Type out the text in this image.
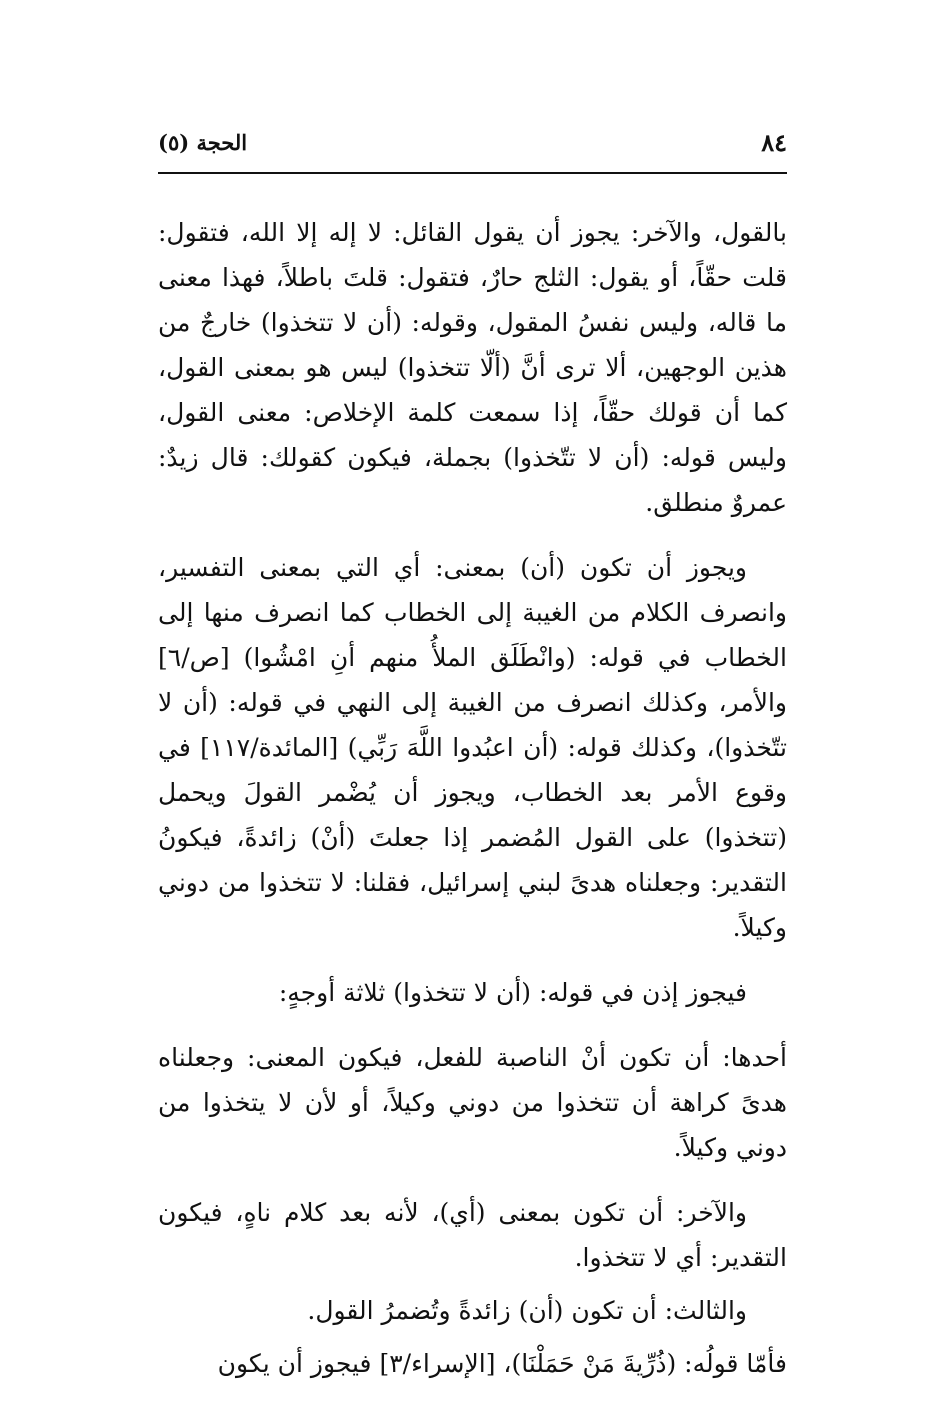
٨٤
الحجة (٥)

بالقول، والآخر: يجوز أن يقول القائل: لا إله إلا الله، فتقول: قلت حقّاً، أو يقول: الثلج حارٌ، فتقول: قلتَ باطلاً، فهذا معنى ما قاله، وليس نفسُ المقول، وقوله: (أن لا تتخذوا) خارجٌ من هذين الوجهين، ألا ترى أنَّ (ألّا تتخذوا) ليس هو بمعنى القول، كما أن قولك حقّاً، إذا سمعت كلمة الإخلاص: معنى القول، وليس قوله: (أن لا تتّخذوا) بجملة، فيكون كقولك: قال زيدٌ: عمروٌ منطلق.

ويجوز أن تكون (أن) بمعنى: أي التي بمعنى التفسير، وانصرف الكلام من الغيبة إلى الخطاب كما انصرف منها إلى الخطاب في قوله: (وانْطَلَق الملأُ منهم أنِ امْشُوا) [ص/٦] والأمر، وكذلك انصرف من الغيبة إلى النهي في قوله: (أن لا تتّخذوا)، وكذلك قوله: (أن اعبُدوا اللَّهَ رَبِّي) [المائدة/١١٧] في وقوع الأمر بعد الخطاب، ويجوز أن يُضْمر القولَ ويحمل (تتخذوا) على القول المُضمر إذا جعلتَ (أنْ) زائدةً، فيكونُ التقدير: وجعلناه هدىً لبني إسرائيل، فقلنا: لا تتخذوا من دوني وكيلاً.

فيجوز إذن في قوله: (أن لا تتخذوا) ثلاثة أوجهٍ:

أحدها: أن تكون أنْ الناصبة للفعل، فيكون المعنى: وجعلناه هدىً كراهة أن تتخذوا من دوني وكيلاً، أو لأن لا يتخذوا من دوني وكيلاً.

والآخر: أن تكون بمعنى (أي)، لأنه بعد كلام ناهٍ، فيكون التقدير: أي لا تتخذوا.

والثالث: أن تكون (أن) زائدةً وتُضمرُ القول.

فأمّا قولُه: (ذُرِّيةَ مَنْ حَمَلْنَا)، [الإسراء/٣] فيجوز أن يكون
